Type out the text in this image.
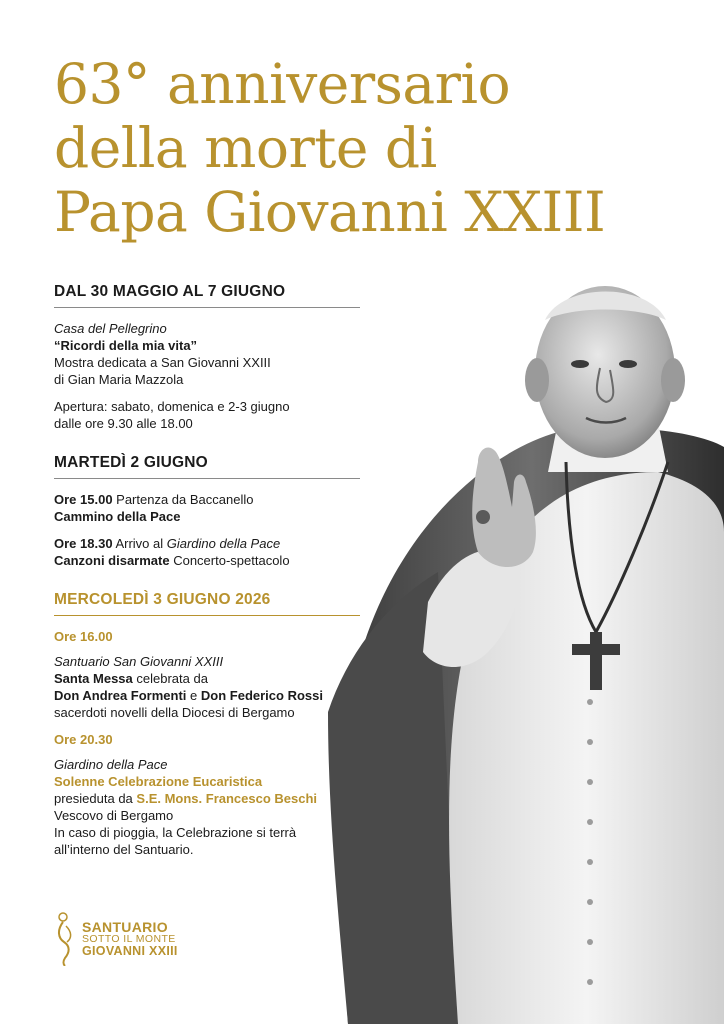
63° anniversario
della morte di
Papa Giovanni XXIII
DAL 30 MAGGIO AL 7 GIUGNO

Casa del Pellegrino

“Ricordi della mia vita”

Mostra dedicata a San Giovanni XXIII

di Gian Maria Mazzola

Apertura: sabato, domenica e 2-3 giugno

dalle ore 9.30 alle 18.00

MARTEDÌ 2 GIUGNO

Ore 15.00 Partenza da Baccanello

Cammino della Pace

Ore 18.30 Arrivo al Giardino della Pace

Canzoni disarmate Concerto-spettacolo

MERCOLEDÌ 3 GIUGNO 2026

Ore 16.00

Santuario San Giovanni XXIII

Santa Messa celebrata da

Don Andrea Formenti e Don Federico Rossi

sacerdoti novelli della Diocesi di Bergamo

Ore 20.30

Giardino della Pace

Solenne Celebrazione Eucaristica

presieduta da S.E. Mons. Francesco Beschi

Vescovo di Bergamo

In caso di pioggia, la Celebrazione si terrà

all’interno del Santuario.

SANTUARIO
SOTTO IL MONTE
GIOVANNI XXIII
